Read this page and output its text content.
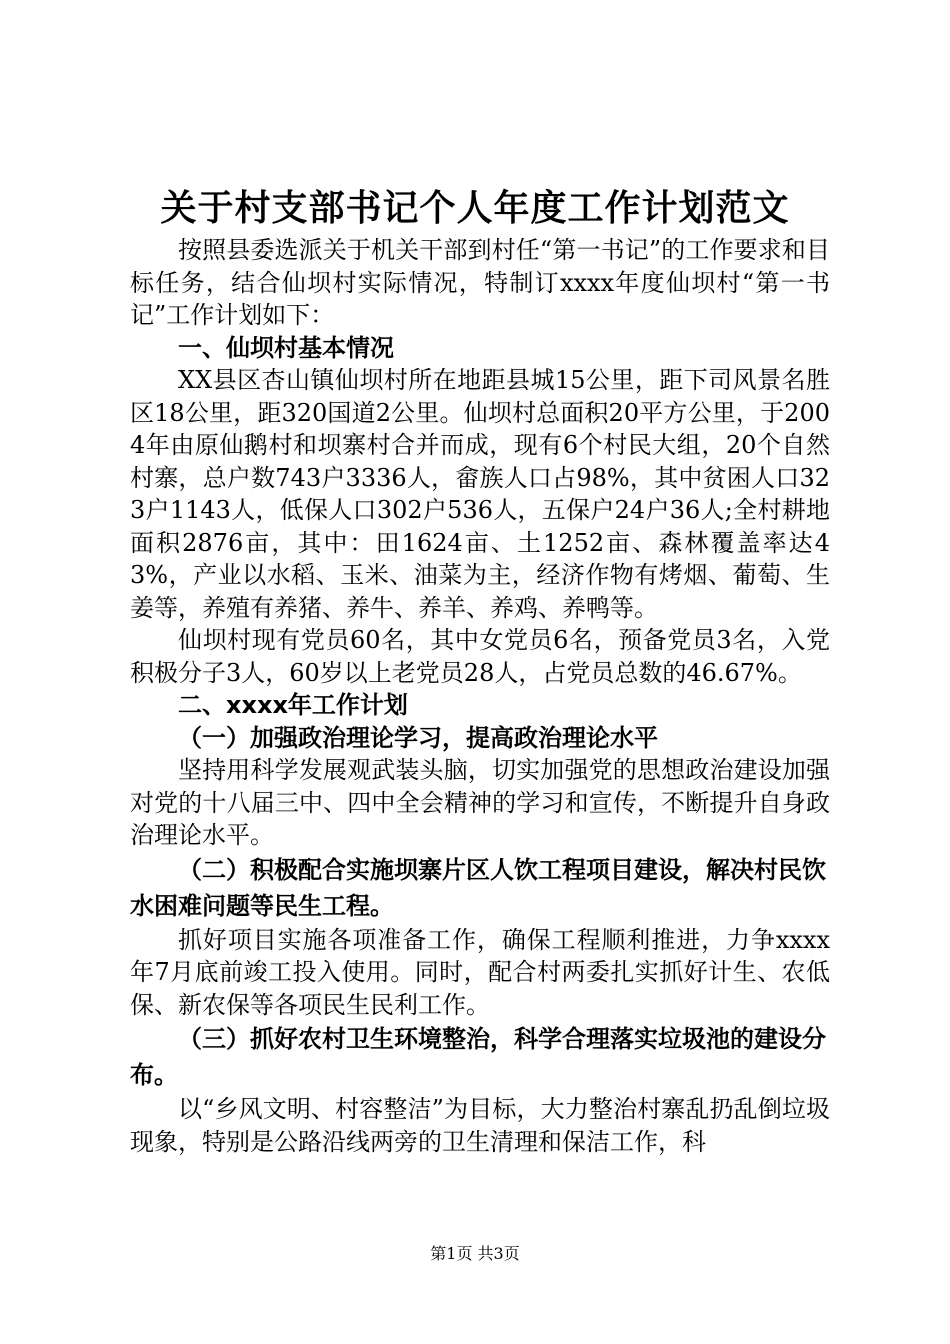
关于村支部书记个人年度工作计划范文

按照县委选派关于机关干部到村任“第一书记”的工作要求和目标任务，结合仙坝村实际情况，特制订xxxx年度仙坝村“第一书记”工作计划如下：

一、仙坝村基本情况

XX县区杏山镇仙坝村所在地距县城15公里，距下司风景名胜区18公里，距320国道2公里。仙坝村总面积20平方公里，于2004年由原仙鹅村和坝寨村合并而成，现有6个村民大组，20个自然村寨，总户数743户3336人，畲族人口占98%，其中贫困人口323户1143人，低保人口302户536人，五保户24户36人;全村耕地面积2876亩，其中：田1624亩、土1252亩、森林覆盖率达43%，产业以水稻、玉米、油菜为主，经济作物有烤烟、葡萄、生姜等，养殖有养猪、养牛、养羊、养鸡、养鸭等。

仙坝村现有党员60名，其中女党员6名，预备党员3名，入党积极分子3人，60岁以上老党员28人，占党员总数的46.67%。

二、xxxx年工作计划

（一）加强政治理论学习，提高政治理论水平

坚持用科学发展观武装头脑，切实加强党的思想政治建设加强对党的十八届三中、四中全会精神的学习和宣传，不断提升自身政治理论水平。

（二）积极配合实施坝寨片区人饮工程项目建设，解决村民饮水困难问题等民生工程。

抓好项目实施各项准备工作，确保工程顺利推进，力争xxxx年7月底前竣工投入使用。同时，配合村两委扎实抓好计生、农低保、新农保等各项民生民利工作。

（三）抓好农村卫生环境整治，科学合理落实垃圾池的建设分布。

以“乡风文明、村容整洁”为目标，大力整治村寨乱扔乱倒垃圾现象，特别是公路沿线两旁的卫生清理和保洁工作，科

第1页 共3页
